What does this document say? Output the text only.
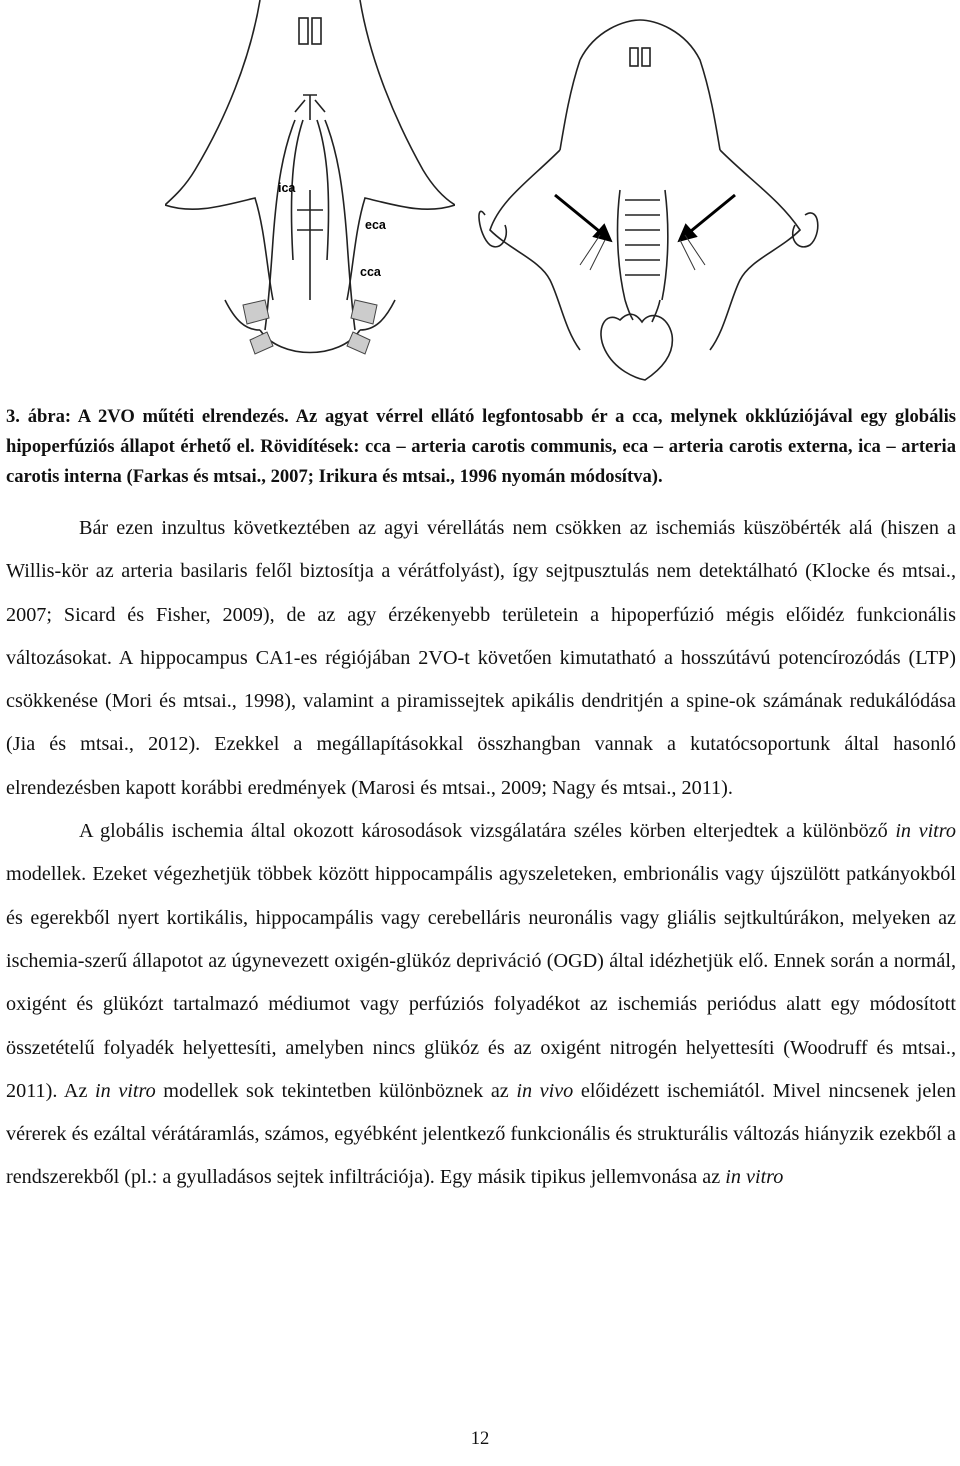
ica
eca
cca

3. ábra: A 2VO műtéti elrendezés. Az agyat vérrel ellátó legfontosabb ér a cca, melynek okklúziójával egy globális hipoperfúziós állapot érhető el. Rövidítések: cca – arteria carotis communis, eca – arteria carotis externa, ica – arteria carotis interna (Farkas és mtsai., 2007; Irikura és mtsai., 1996 nyomán módosítva).

Bár ezen inzultus következtében az agyi vérellátás nem csökken az ischemiás küszöbérték alá (hiszen a Willis-kör az arteria basilaris felől biztosítja a vérátfolyást), így sejtpusztulás nem detektálható (Klocke és mtsai., 2007; Sicard és Fisher, 2009), de az agy érzékenyebb területein a hipoperfúzió mégis előidéz funkcionális változásokat. A hippocampus CA1-es régiójában 2VO-t követően kimutatható a hosszútávú potencírozódás (LTP) csökkenése (Mori és mtsai., 1998), valamint a piramissejtek apikális dendritjén a spine-ok számának redukálódása (Jia és mtsai., 2012). Ezekkel a megállapításokkal összhangban vannak a kutatócsoportunk által hasonló elrendezésben kapott korábbi eredmények (Marosi és mtsai., 2009; Nagy és mtsai., 2011).

A globális ischemia által okozott károsodások vizsgálatára széles körben elterjedtek a különböző in vitro modellek. Ezeket végezhetjük többek között hippocampális agyszeleteken, embrionális vagy újszülött patkányokból és egerekből nyert kortikális, hippocampális vagy cerebelláris neuronális vagy gliális sejtkultúrákon, melyeken az ischemia-szerű állapotot az úgynevezett oxigén-glükóz depriváció (OGD) által idézhetjük elő. Ennek során a normál, oxigént és glükózt tartalmazó médiumot vagy perfúziós folyadékot az ischemiás periódus alatt egy módosított összetételű folyadék helyettesíti, amelyben nincs glükóz és az oxigént nitrogén helyettesíti (Woodruff és mtsai., 2011). Az in vitro modellek sok tekintetben különböznek az in vivo előidézett ischemiától. Mivel nincsenek jelen vérerek és ezáltal vérátáramlás, számos, egyébként jelentkező funkcionális és strukturális változás hiányzik ezekből a rendszerekből (pl.: a gyulladásos sejtek infiltrációja). Egy másik tipikus jellemvonása az in vitro

12
